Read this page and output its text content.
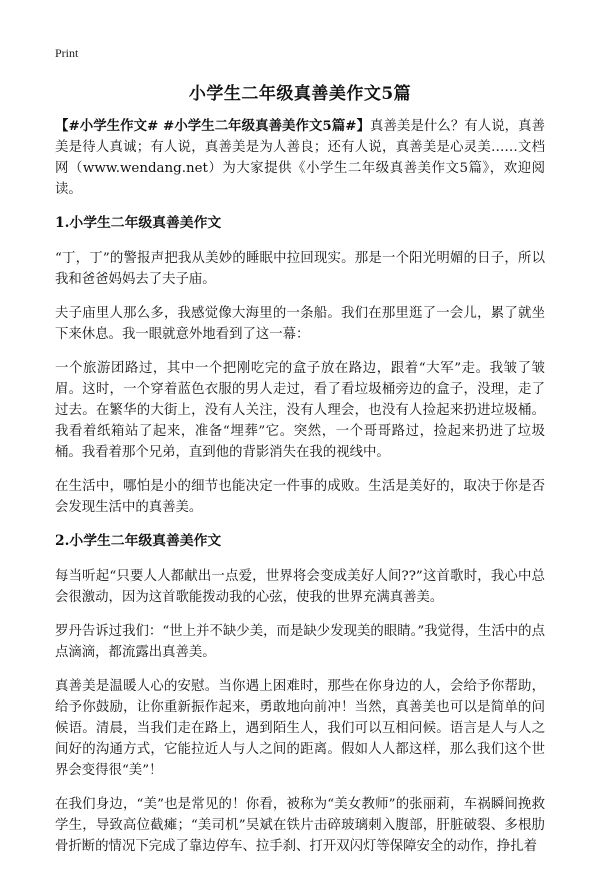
Print
小学生二年级真善美作文5篇

【#小学生作文# #小学生二年级真善美作文5篇#】真善美是什么？有人说，真善美是待人真诚；有人说，真善美是为人善良；还有人说，真善美是心灵美……文档网（www.wendang.net）为大家提供《小学生二年级真善美作文5篇》，欢迎阅读。

1.小学生二年级真善美作文

“丁，丁”的警报声把我从美妙的睡眠中拉回现实。那是一个阳光明媚的日子，所以我和爸爸妈妈去了夫子庙。

夫子庙里人那么多，我感觉像大海里的一条船。我们在那里逛了一会儿，累了就坐下来休息。我一眼就意外地看到了这一幕：

一个旅游团路过，其中一个把刚吃完的盒子放在路边，跟着“大军”走。我皱了皱眉。这时，一个穿着蓝色衣服的男人走过，看了看垃圾桶旁边的盒子，没理，走了过去。在繁华的大街上，没有人关注，没有人理会，也没有人捡起来扔进垃圾桶。我看着纸箱站了起来，准备“埋葬”它。突然，一个哥哥路过，捡起来扔进了垃圾桶。我看着那个兄弟，直到他的背影消失在我的视线中。

在生活中，哪怕是小的细节也能决定一件事的成败。生活是美好的，取决于你是否会发现生活中的真善美。

2.小学生二年级真善美作文

每当听起“只要人人都献出一点爱，世界将会变成美好人间??”这首歌时，我心中总会很激动，因为这首歌能拨动我的心弦，使我的世界充满真善美。

罗丹告诉过我们：“世上并不缺少美，而是缺少发现美的眼睛。”我觉得，生活中的点点滴滴，都流露出真善美。

真善美是温暖人心的安慰。当你遇上困难时，那些在你身边的人，会给予你帮助，给予你鼓励，让你重新振作起来，勇敢地向前冲！当然，真善美也可以是简单的问候语。清晨，当我们走在路上，遇到陌生人，我们可以互相问候。语言是人与人之间好的沟通方式，它能拉近人与人之间的距离。假如人人都这样，那么我们这个世界会变得很“美”！

在我们身边，“美”也是常见的！你看，被称为“美女教师”的张丽莉，车祸瞬间挽救学生，导致高位截瘫；“美司机”吴斌在铁片击碎玻璃刺入腹部，肝脏破裂、多根肋骨折断的情况下完成了靠边停车、拉手刹、打开双闪灯等保障安全的动作，挣扎着
